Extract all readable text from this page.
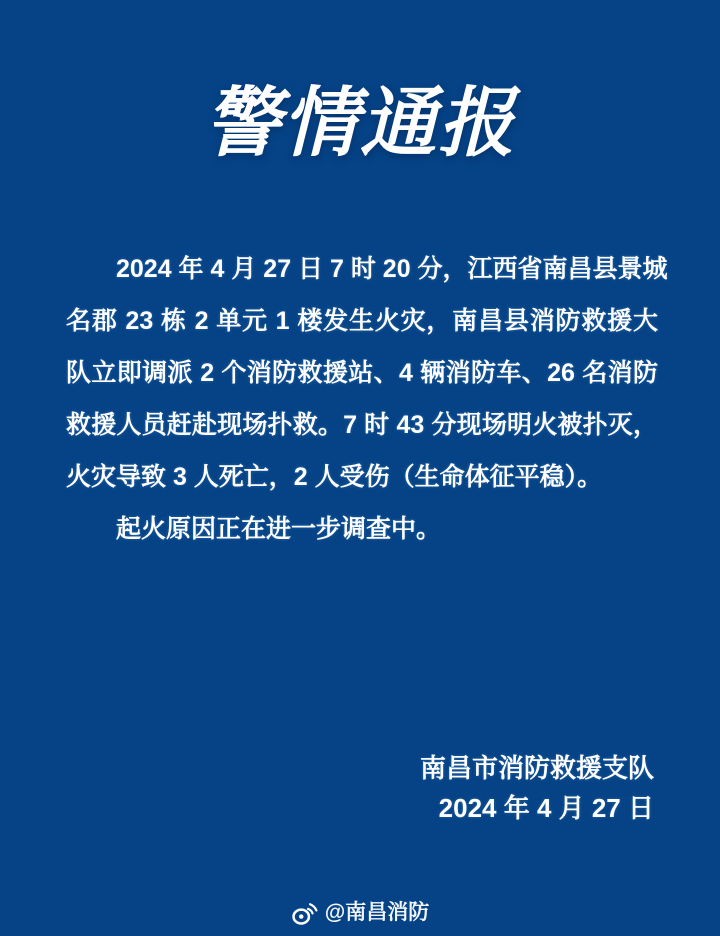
警情通报
2024 年 4 月 27 日 7 时 20 分，江西省南昌县景城
名郡 23 栋 2 单元 1 楼发生火灾，南昌县消防救援大
队立即调派 2 个消防救援站、4 辆消防车、26 名消防
救援人员赶赴现场扑救。7 时 43 分现场明火被扑灭，
火灾导致 3 人死亡，2 人受伤（生命体征平稳）。
起火原因正在进一步调查中。
南昌市消防救援支队
2024 年 4 月 27 日
@南昌消防
